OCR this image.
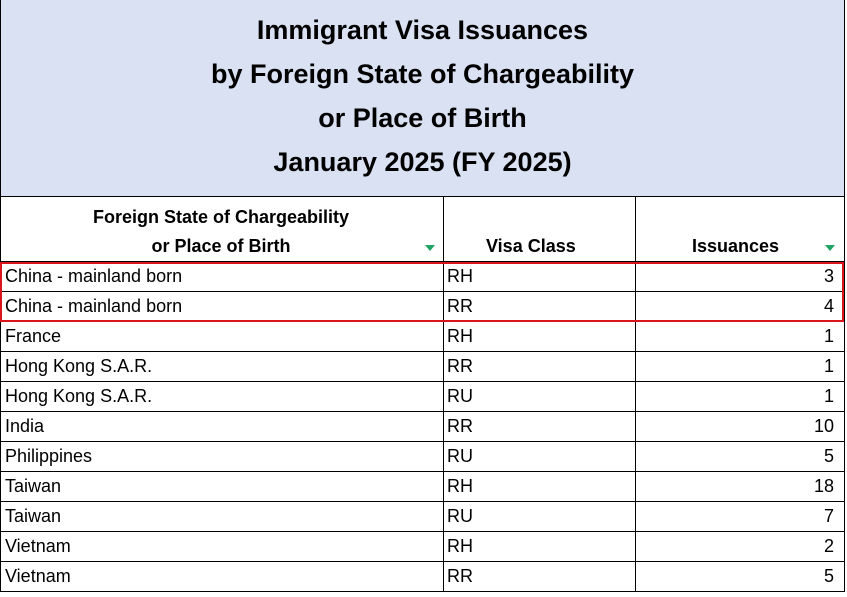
Immigrant Visa Issuances
by Foreign State of Chargeability
or Place of Birth
January 2025 (FY 2025)
Foreign State of Chargeability
or Place of Birth	Visa Class	Issuances
China - mainland born	RH	3
China - mainland born	RR	4
France	RH	1
Hong Kong S.A.R.	RR	1
Hong Kong S.A.R.	RU	1
India	RR	10
Philippines	RU	5
Taiwan	RH	18
Taiwan	RU	7
Vietnam	RH	2
Vietnam	RR	5
